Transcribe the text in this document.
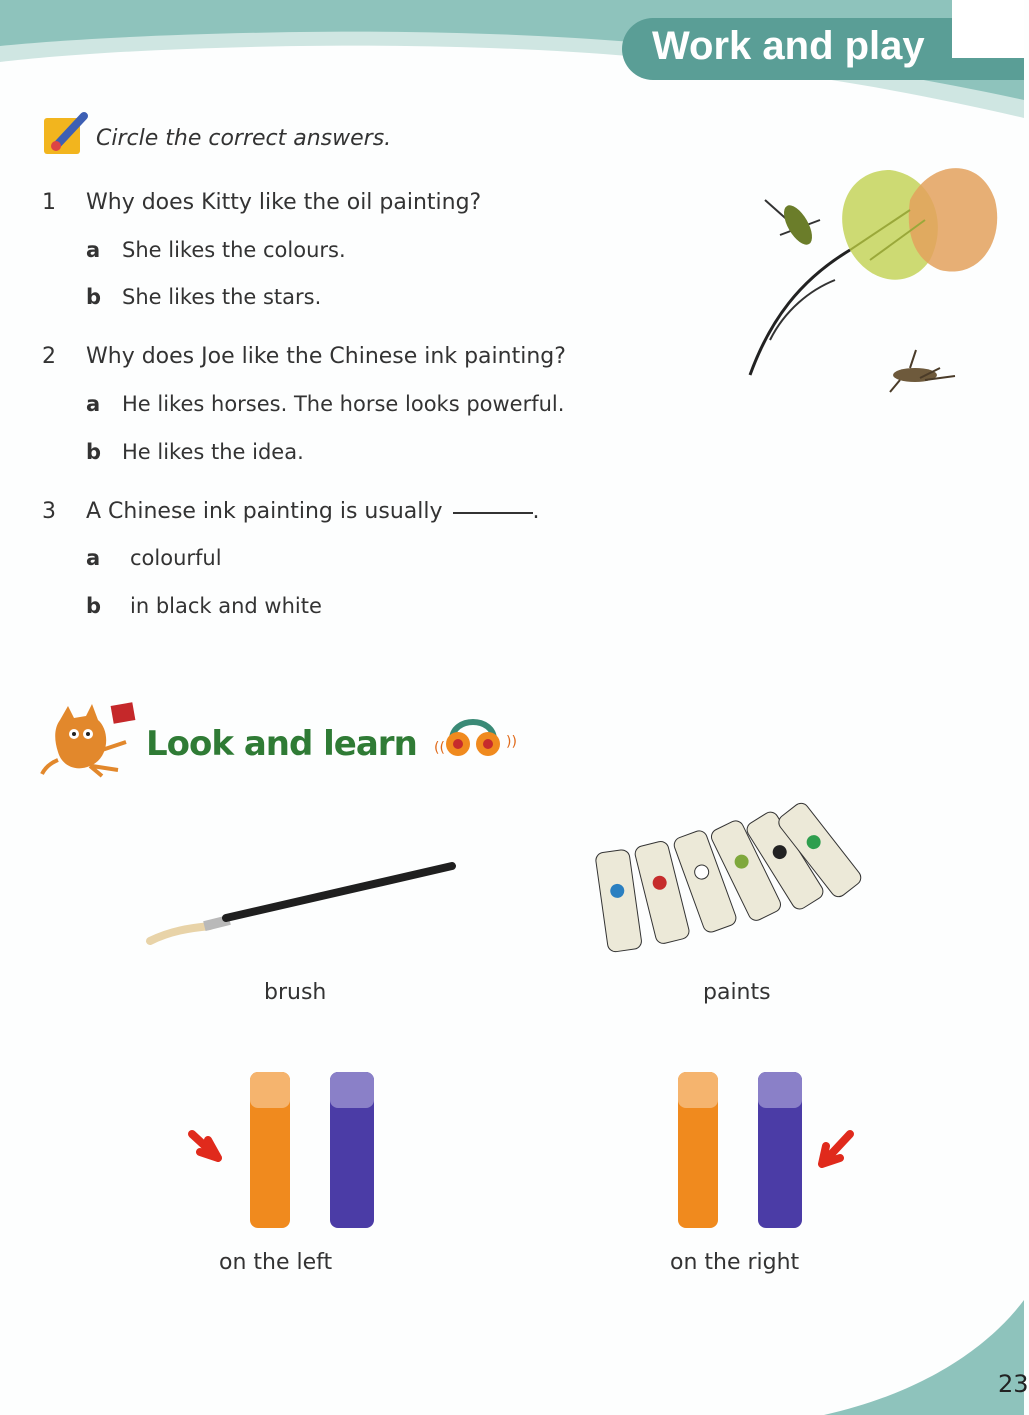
Work and play
Circle the correct answers.
1 Why does Kitty like the oil painting?
a She likes the colours.
b She likes the stars.
2 Why does Joe like the Chinese ink painting?
a He likes horses. The horse looks powerful.
b He likes the idea.
3 A Chinese ink painting is usually	.
a colourful
b in black and white
Look and learn ((	))
brush	paints
on the left	on the right
23
